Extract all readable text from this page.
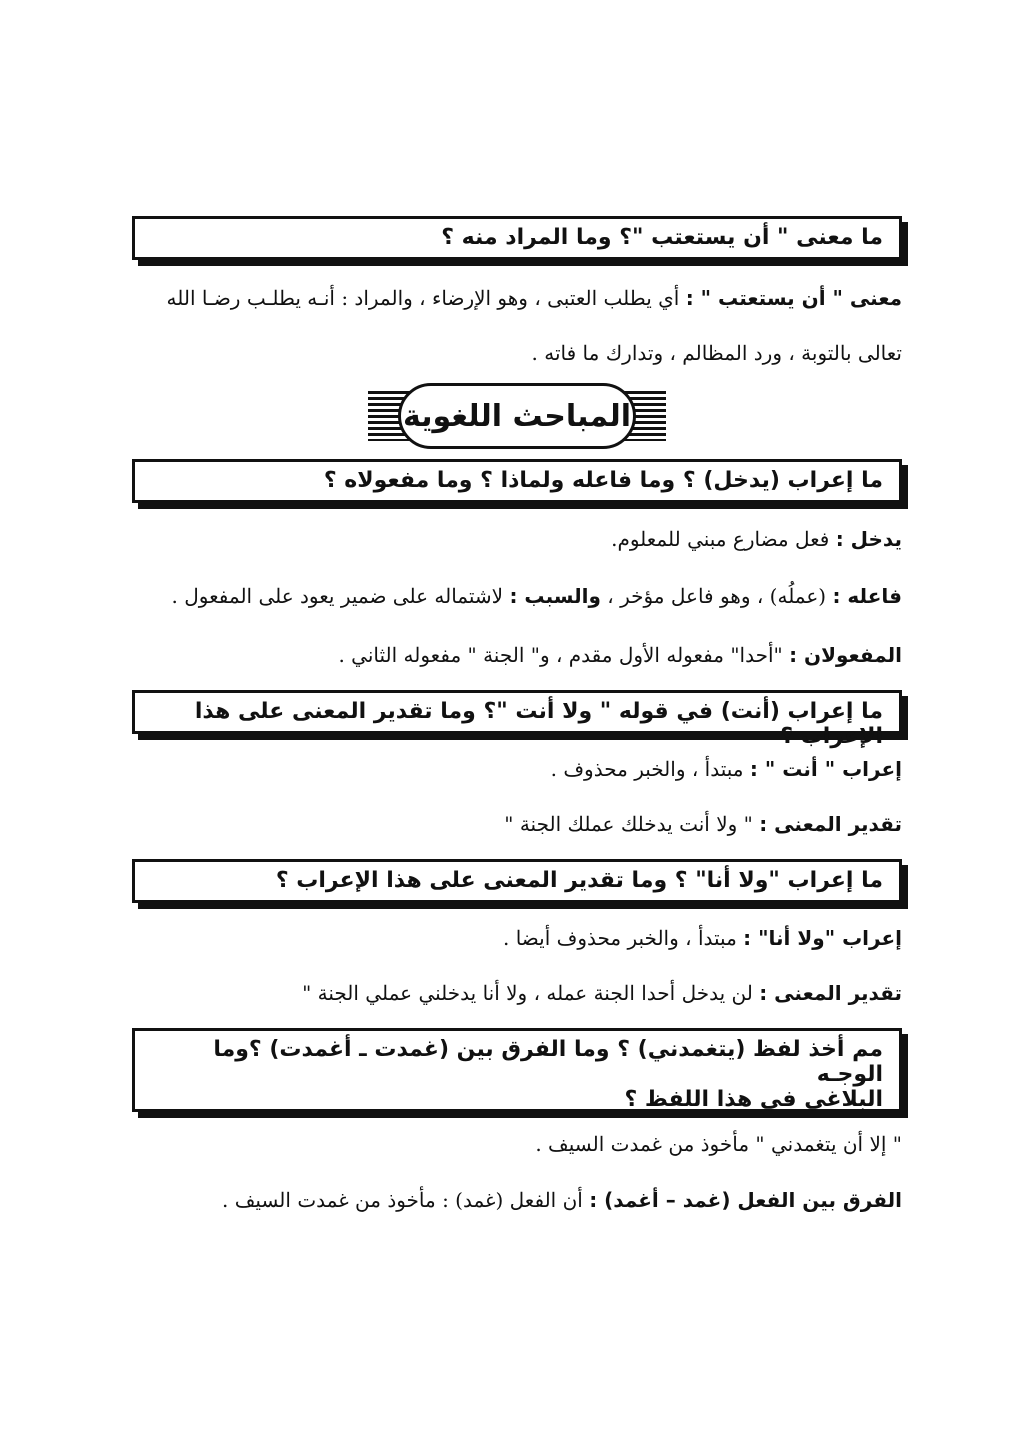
ما معنى " أن يستعتب "؟ وما المراد منه ؟
معنى " أن يستعتب " : أي يطلب العتبى ، وهو الإرضاء ، والمراد : أنـه يطلـب رضـا الله
تعالى بالتوبة ، ورد المظالم ، وتدارك ما فاته .
المباحث اللغوية
ما إعراب (يدخل) ؟ وما فاعله ولماذا ؟ وما مفعولاه ؟
يدخل : فعل مضارع مبني للمعلوم.
فاعله : (عملُه) ، وهو فاعل مؤخر ، والسبب : لاشتماله على ضمير يعود على المفعول .
المفعولان : "أحدا" مفعوله الأول مقدم ، و" الجنة " مفعوله الثاني .
ما إعراب (أنت) في قوله " ولا أنت "؟ وما تقدير المعنى على هذا الإعراب ؟
إعراب " أنت " : مبتدأ ، والخبر محذوف .
تقدير المعنى : " ولا أنت يدخلك عملك الجنة "
ما إعراب "ولا أنا" ؟ وما تقدير المعنى على هذا الإعراب ؟
إعراب "ولا أنا" : مبتدأ ، والخبر محذوف أيضا .
تقدير المعنى : لن يدخل أحدا الجنة عمله ، ولا أنا يدخلني عملي الجنة "
مم أخذ لفظ (يتغمدني) ؟ وما الفرق بين (غمدت ـ أغمدت) ؟وما الوجـه
البلاغي في هذا اللفظ ؟
" إلا أن يتغمدني " مأخوذ من غمدت السيف .
الفرق بين الفعل (غمد – أغمد) : أن الفعل (غمد) : مأخوذ من غمدت السيف .
